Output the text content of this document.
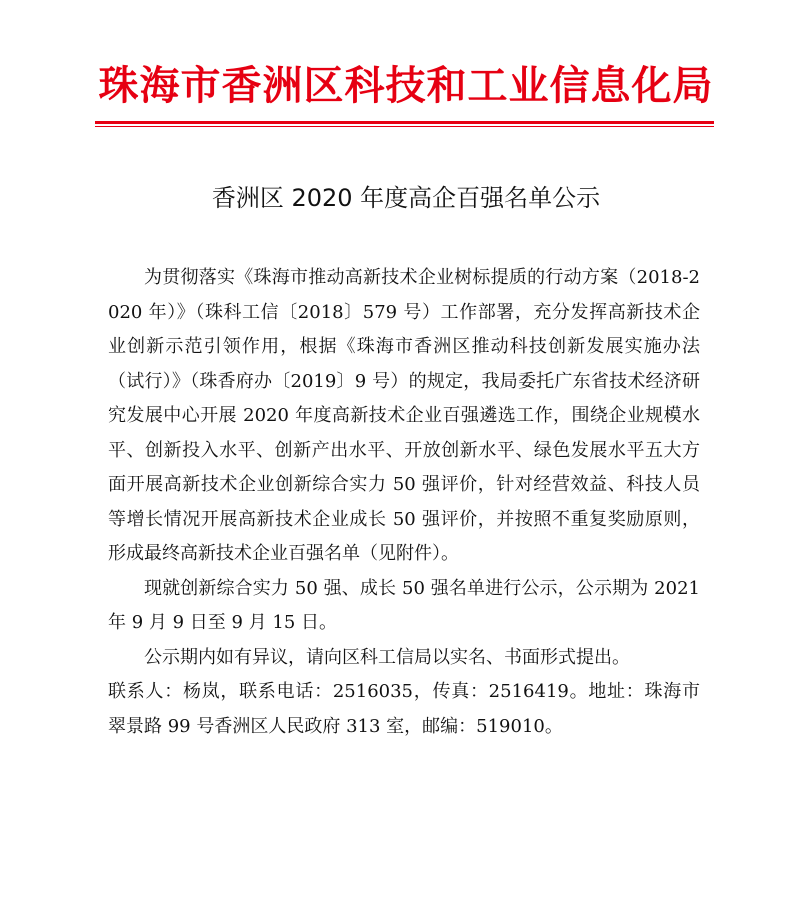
珠海市香洲区科技和工业信息化局
香洲区 2020 年度高企百强名单公示

为贯彻落实《珠海市推动高新技术企业树标提质的行动方案（2018-2020 年）》（珠科工信〔2018〕579 号）工作部署，充分发挥高新技术企业创新示范引领作用，根据《珠海市香洲区推动科技创新发展实施办法（试行）》（珠香府办〔2019〕9 号）的规定，我局委托广东省技术经济研究发展中心开展 2020 年度高新技术企业百强遴选工作，围绕企业规模水平、创新投入水平、创新产出水平、开放创新水平、绿色发展水平五大方面开展高新技术企业创新综合实力 50 强评价，针对经营效益、科技人员等增长情况开展高新技术企业成长 50 强评价，并按照不重复奖励原则，形成最终高新技术企业百强名单（见附件）。

现就创新综合实力 50 强、成长 50 强名单进行公示，公示期为 2021 年 9 月 9 日至 9 月 15 日。

公示期内如有异议，请向区科工信局以实名、书面形式提出。

联系人：杨岚，联系电话：2516035，传真：2516419。地址：珠海市翠景路 99 号香洲区人民政府 313 室，邮编：519010。
